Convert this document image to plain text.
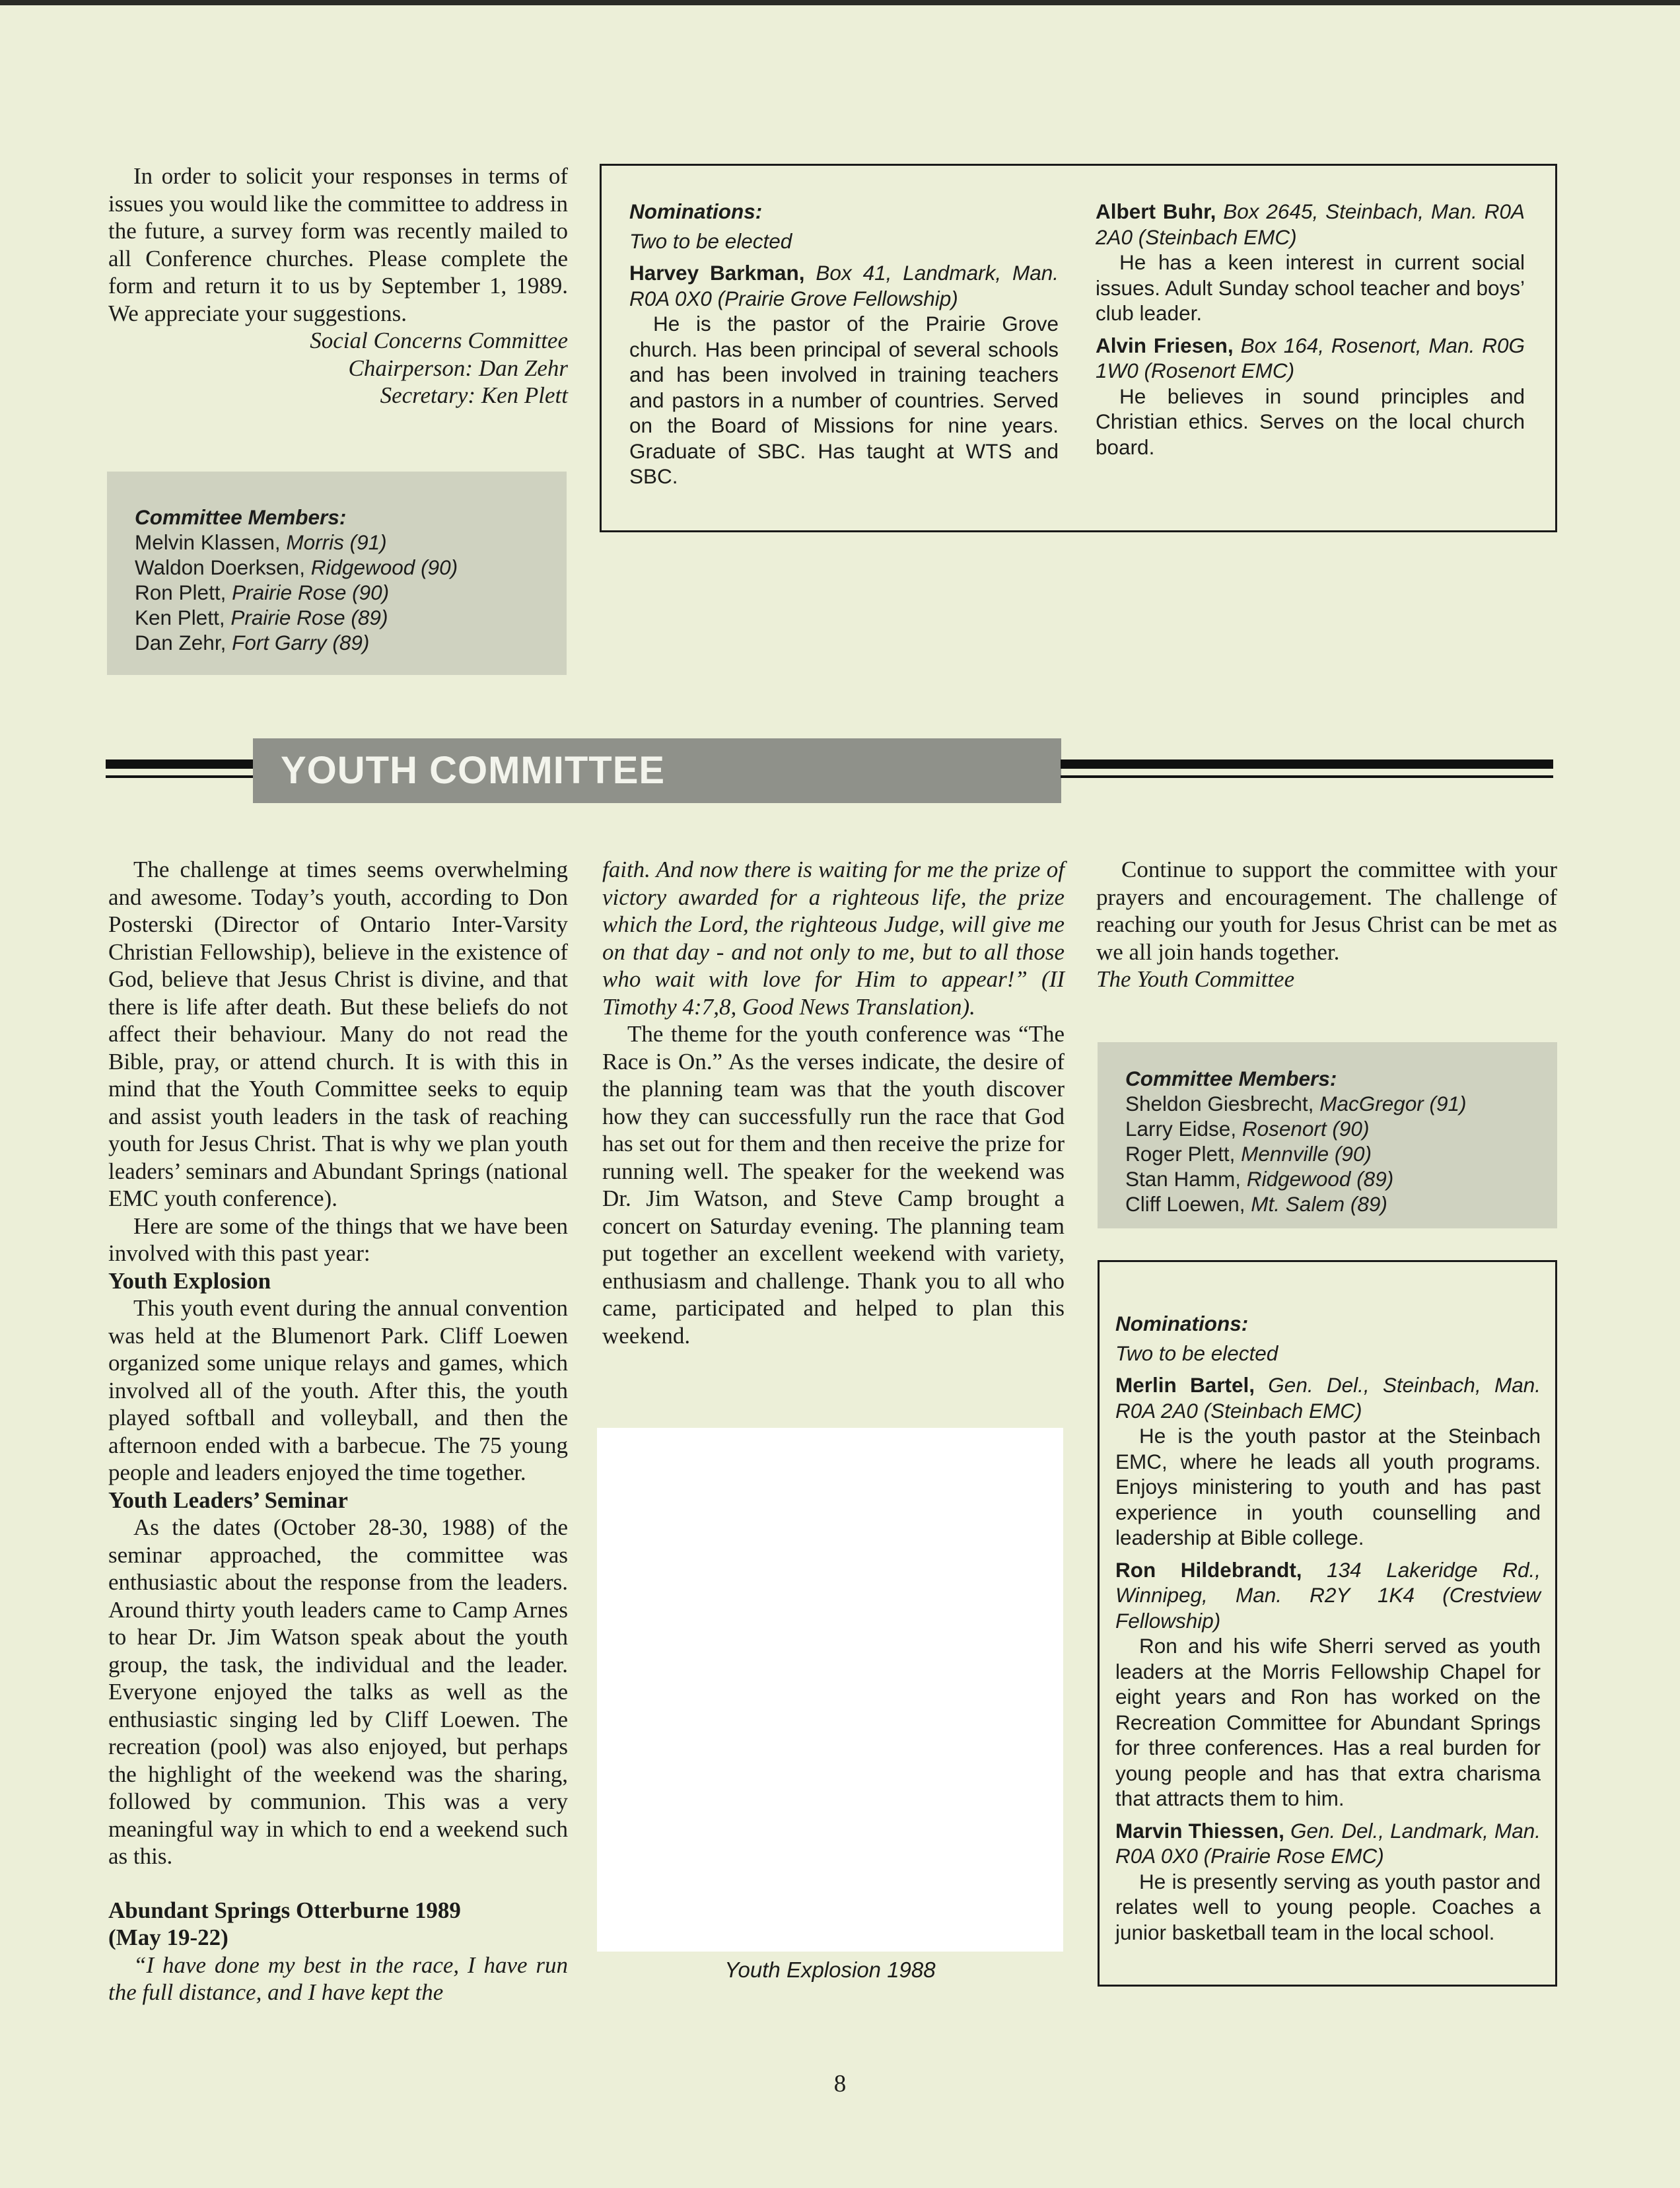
In order to solicit your responses in terms of issues you would like the committee to address in the future, a survey form was recently mailed to all Conference churches. Please complete the form and return it to us by September 1, 1989. We appreciate your suggestions.

Social Concerns Committee
Chairperson: Dan Zehr
Secretary: Ken Plett
Committee Members:
Melvin Klassen, Morris (91)
Waldon Doerksen, Ridgewood (90)
Ron Plett, Prairie Rose (90)
Ken Plett, Prairie Rose (89)
Dan Zehr, Fort Garry (89)
Nominations:
Two to be elected

Harvey Barkman, Box 41, Landmark, Man. R0A 0X0 (Prairie Grove Fellowship)

He is the pastor of the Prairie Grove church. Has been principal of several schools and has been involved in training teachers and pastors in a number of countries. Served on the Board of Missions for nine years. Graduate of SBC. Has taught at WTS and SBC.

Albert Buhr, Box 2645, Steinbach, Man. R0A 2A0 (Steinbach EMC)

He has a keen interest in current social issues. Adult Sunday school teacher and boys’ club leader.

Alvin Friesen, Box 164, Rosenort, Man. R0G 1W0 (Rosenort EMC)

He believes in sound principles and Christian ethics. Serves on the local church board.

YOUTH COMMITTEE

The challenge at times seems overwhelming and awesome. Today’s youth, according to Don Posterski (Director of Ontario Inter-Varsity Christian Fellowship), believe in the existence of God, believe that Jesus Christ is divine, and that there is life after death. But these beliefs do not affect their behaviour. Many do not read the Bible, pray, or attend church. It is with this in mind that the Youth Committee seeks to equip and assist youth leaders in the task of reaching youth for Jesus Christ. That is why we plan youth leaders’ seminars and Abundant Springs (national EMC youth conference).

Here are some of the things that we have been involved with this past year:

Youth Explosion

This youth event during the annual convention was held at the Blumenort Park. Cliff Loewen organized some unique relays and games, which involved all of the youth. After this, the youth played softball and volleyball, and then the afternoon ended with a barbecue. The 75 young people and leaders enjoyed the time together.

Youth Leaders’ Seminar

As the dates (October 28-30, 1988) of the seminar approached, the committee was enthusiastic about the response from the leaders. Around thirty youth leaders came to Camp Arnes to hear Dr. Jim Watson speak about the youth group, the task, the individual and the leader. Everyone enjoyed the talks as well as the enthusiastic singing led by Cliff Loewen. The recreation (pool) was also enjoyed, but perhaps the highlight of the weekend was the sharing, followed by communion. This was a very meaningful way in which to end a weekend such as this.

Abundant Springs Otterburne 1989
(May 19-22)

“I have done my best in the race, I have run the full distance, and I have kept the

faith. And now there is waiting for me the prize of victory awarded for a righteous life, the prize which the Lord, the righteous Judge, will give me on that day - and not only to me, but to all those who wait with love for Him to appear!” (II Timothy 4:7,8, Good News Translation).

The theme for the youth conference was “The Race is On.” As the verses indicate, the desire of the planning team was that the youth discover how they can successfully run the race that God has set out for them and then receive the prize for running well. The speaker for the weekend was Dr. Jim Watson, and Steve Camp brought a concert on Saturday evening. The planning team put together an excellent weekend with variety, enthusiasm and challenge. Thank you to all who came, participated and helped to plan this weekend.

Youth Explosion 1988

Continue to support the committee with your prayers and encouragement. The challenge of reaching our youth for Jesus Christ can be met as we all join hands together.

The Youth Committee
Committee Members:
Sheldon Giesbrecht, MacGregor (91)
Larry Eidse, Rosenort (90)
Roger Plett, Mennville (90)
Stan Hamm, Ridgewood (89)
Cliff Loewen, Mt. Salem (89)
Nominations:
Two to be elected

Merlin Bartel, Gen. Del., Steinbach, Man. R0A 2A0 (Steinbach EMC)

He is the youth pastor at the Steinbach EMC, where he leads all youth programs. Enjoys ministering to youth and has past experience in youth counselling and leadership at Bible college.

Ron Hildebrandt, 134 Lakeridge Rd., Winnipeg, Man. R2Y 1K4 (Crestview Fellowship)

Ron and his wife Sherri served as youth leaders at the Morris Fellowship Chapel for eight years and Ron has worked on the Recreation Committee for Abundant Springs for three conferences. Has a real burden for young people and has that extra charisma that attracts them to him.

Marvin Thiessen, Gen. Del., Landmark, Man. R0A 0X0 (Prairie Rose EMC)

He is presently serving as youth pastor and relates well to young people. Coaches a junior basketball team in the local school.

8
